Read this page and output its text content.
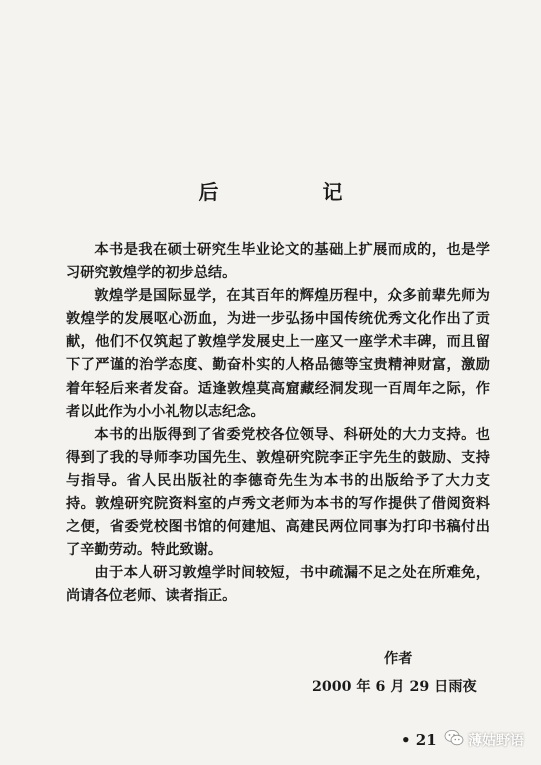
后　记

本书是我在硕士研究生毕业论文的基础上扩展而成的，也是学习研究敦煌学的初步总结。

敦煌学是国际显学，在其百年的辉煌历程中，众多前辈先师为敦煌学的发展呕心沥血，为进一步弘扬中国传统优秀文化作出了贡献，他们不仅筑起了敦煌学发展史上一座又一座学术丰碑，而且留下了严谨的治学态度、勤奋朴实的人格品德等宝贵精神财富，激励着年轻后来者发奋。适逢敦煌莫高窟藏经洞发现一百周年之际，作者以此作为小小礼物以志纪念。

本书的出版得到了省委党校各位领导、科研处的大力支持。也得到了我的导师李功国先生、敦煌研究院李正宇先生的鼓励、支持与指导。省人民出版社的李德奇先生为本书的出版给予了大力支持。敦煌研究院资料室的卢秀文老师为本书的写作提供了借阅资料之便，省委党校图书馆的何建旭、高建民两位同事为打印书稿付出了辛勤劳动。特此致谢。

由于本人研习敦煌学时间较短，书中疏漏不足之处在所难免，尚请各位老师、读者指正。

作者
2000 年 6 月 29 日雨夜
• 21 薄姑野语
